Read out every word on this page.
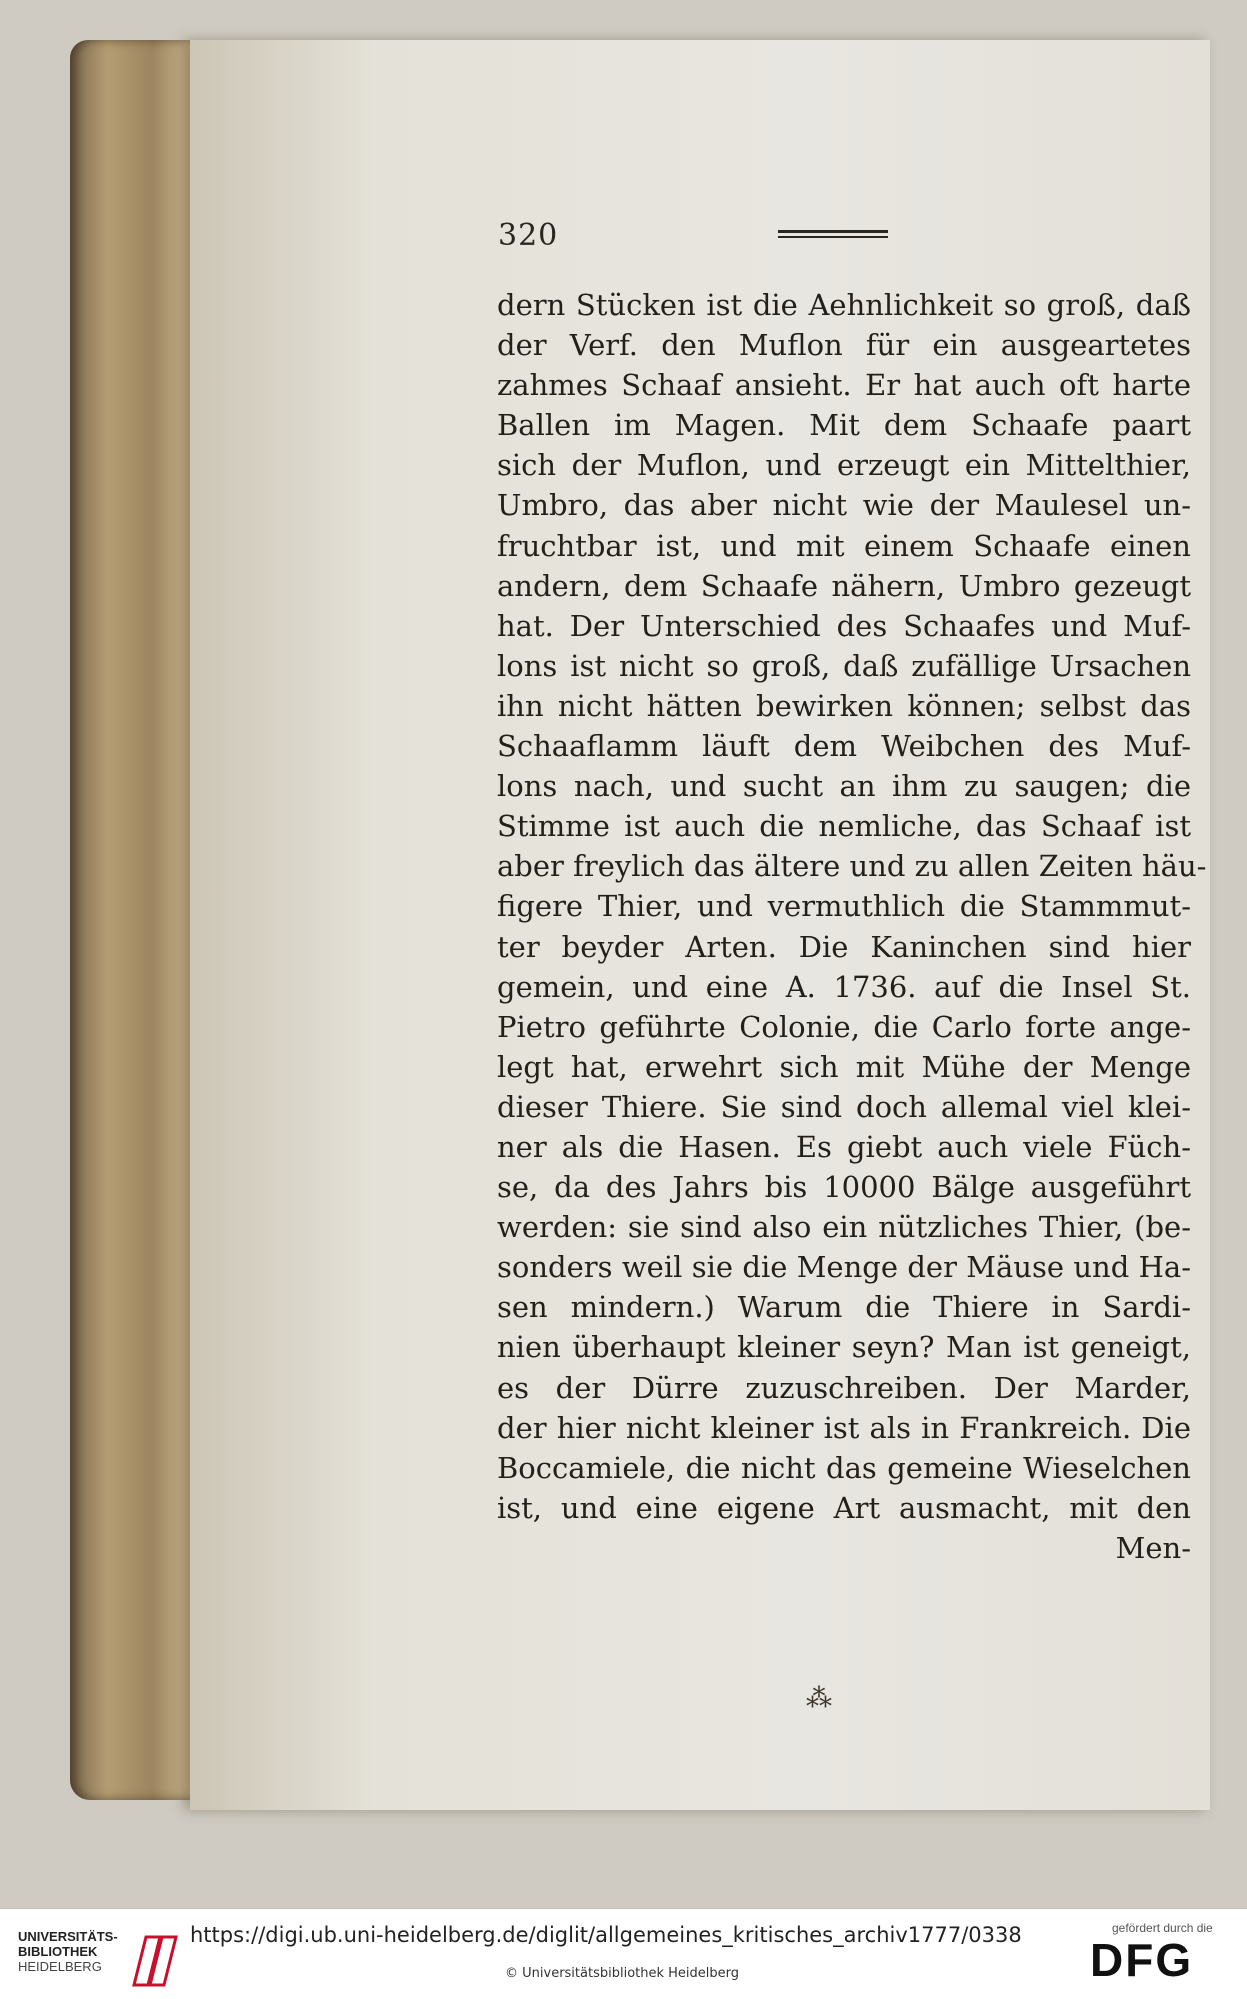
320
dern Stücken ist die Aehnlichkeit so groß, daß
der Verf. den Muflon für ein ausgeartetes
zahmes Schaaf ansieht. Er hat auch oft harte
Ballen im Magen. Mit dem Schaafe paart
sich der Muflon, und erzeugt ein Mittelthier,
Umbro, das aber nicht wie der Maulesel un-
fruchtbar ist, und mit einem Schaafe einen
andern, dem Schaafe nähern, Umbro gezeugt
hat. Der Unterschied des Schaafes und Muf-
lons ist nicht so groß, daß zufällige Ursachen
ihn nicht hätten bewirken können; selbst das
Schaaflamm läuft dem Weibchen des Muf-
lons nach, und sucht an ihm zu saugen; die
Stimme ist auch die nemliche, das Schaaf ist
aber freylich das ältere und zu allen Zeiten häu-
figere Thier, und vermuthlich die Stammmut-
ter beyder Arten. Die Kaninchen sind hier
gemein, und eine A. 1736. auf die Insel St.
Pietro geführte Colonie, die Carlo forte ange-
legt hat, erwehrt sich mit Mühe der Menge
dieser Thiere. Sie sind doch allemal viel klei-
ner als die Hasen. Es giebt auch viele Füch-
se, da des Jahrs bis 10000 Bälge ausgeführt
werden: sie sind also ein nützliches Thier, (be-
sonders weil sie die Menge der Mäuse und Ha-
sen mindern.) Warum die Thiere in Sardi-
nien überhaupt kleiner seyn? Man ist geneigt,
es der Dürre zuzuschreiben. Der Marder,
der hier nicht kleiner ist als in Frankreich. Die
Boccamiele, die nicht das gemeine Wieselchen
ist, und eine eigene Art ausmacht, mit den
Men-
⁂
UNIVERSITÄTS-
BIBLIOTHEK
HEIDELBERG
https://digi.ub.uni-heidelberg.de/diglit/allgemeines_kritisches_archiv1777/0338
© Universitätsbibliothek Heidelberg
gefördert durch die
DFG
